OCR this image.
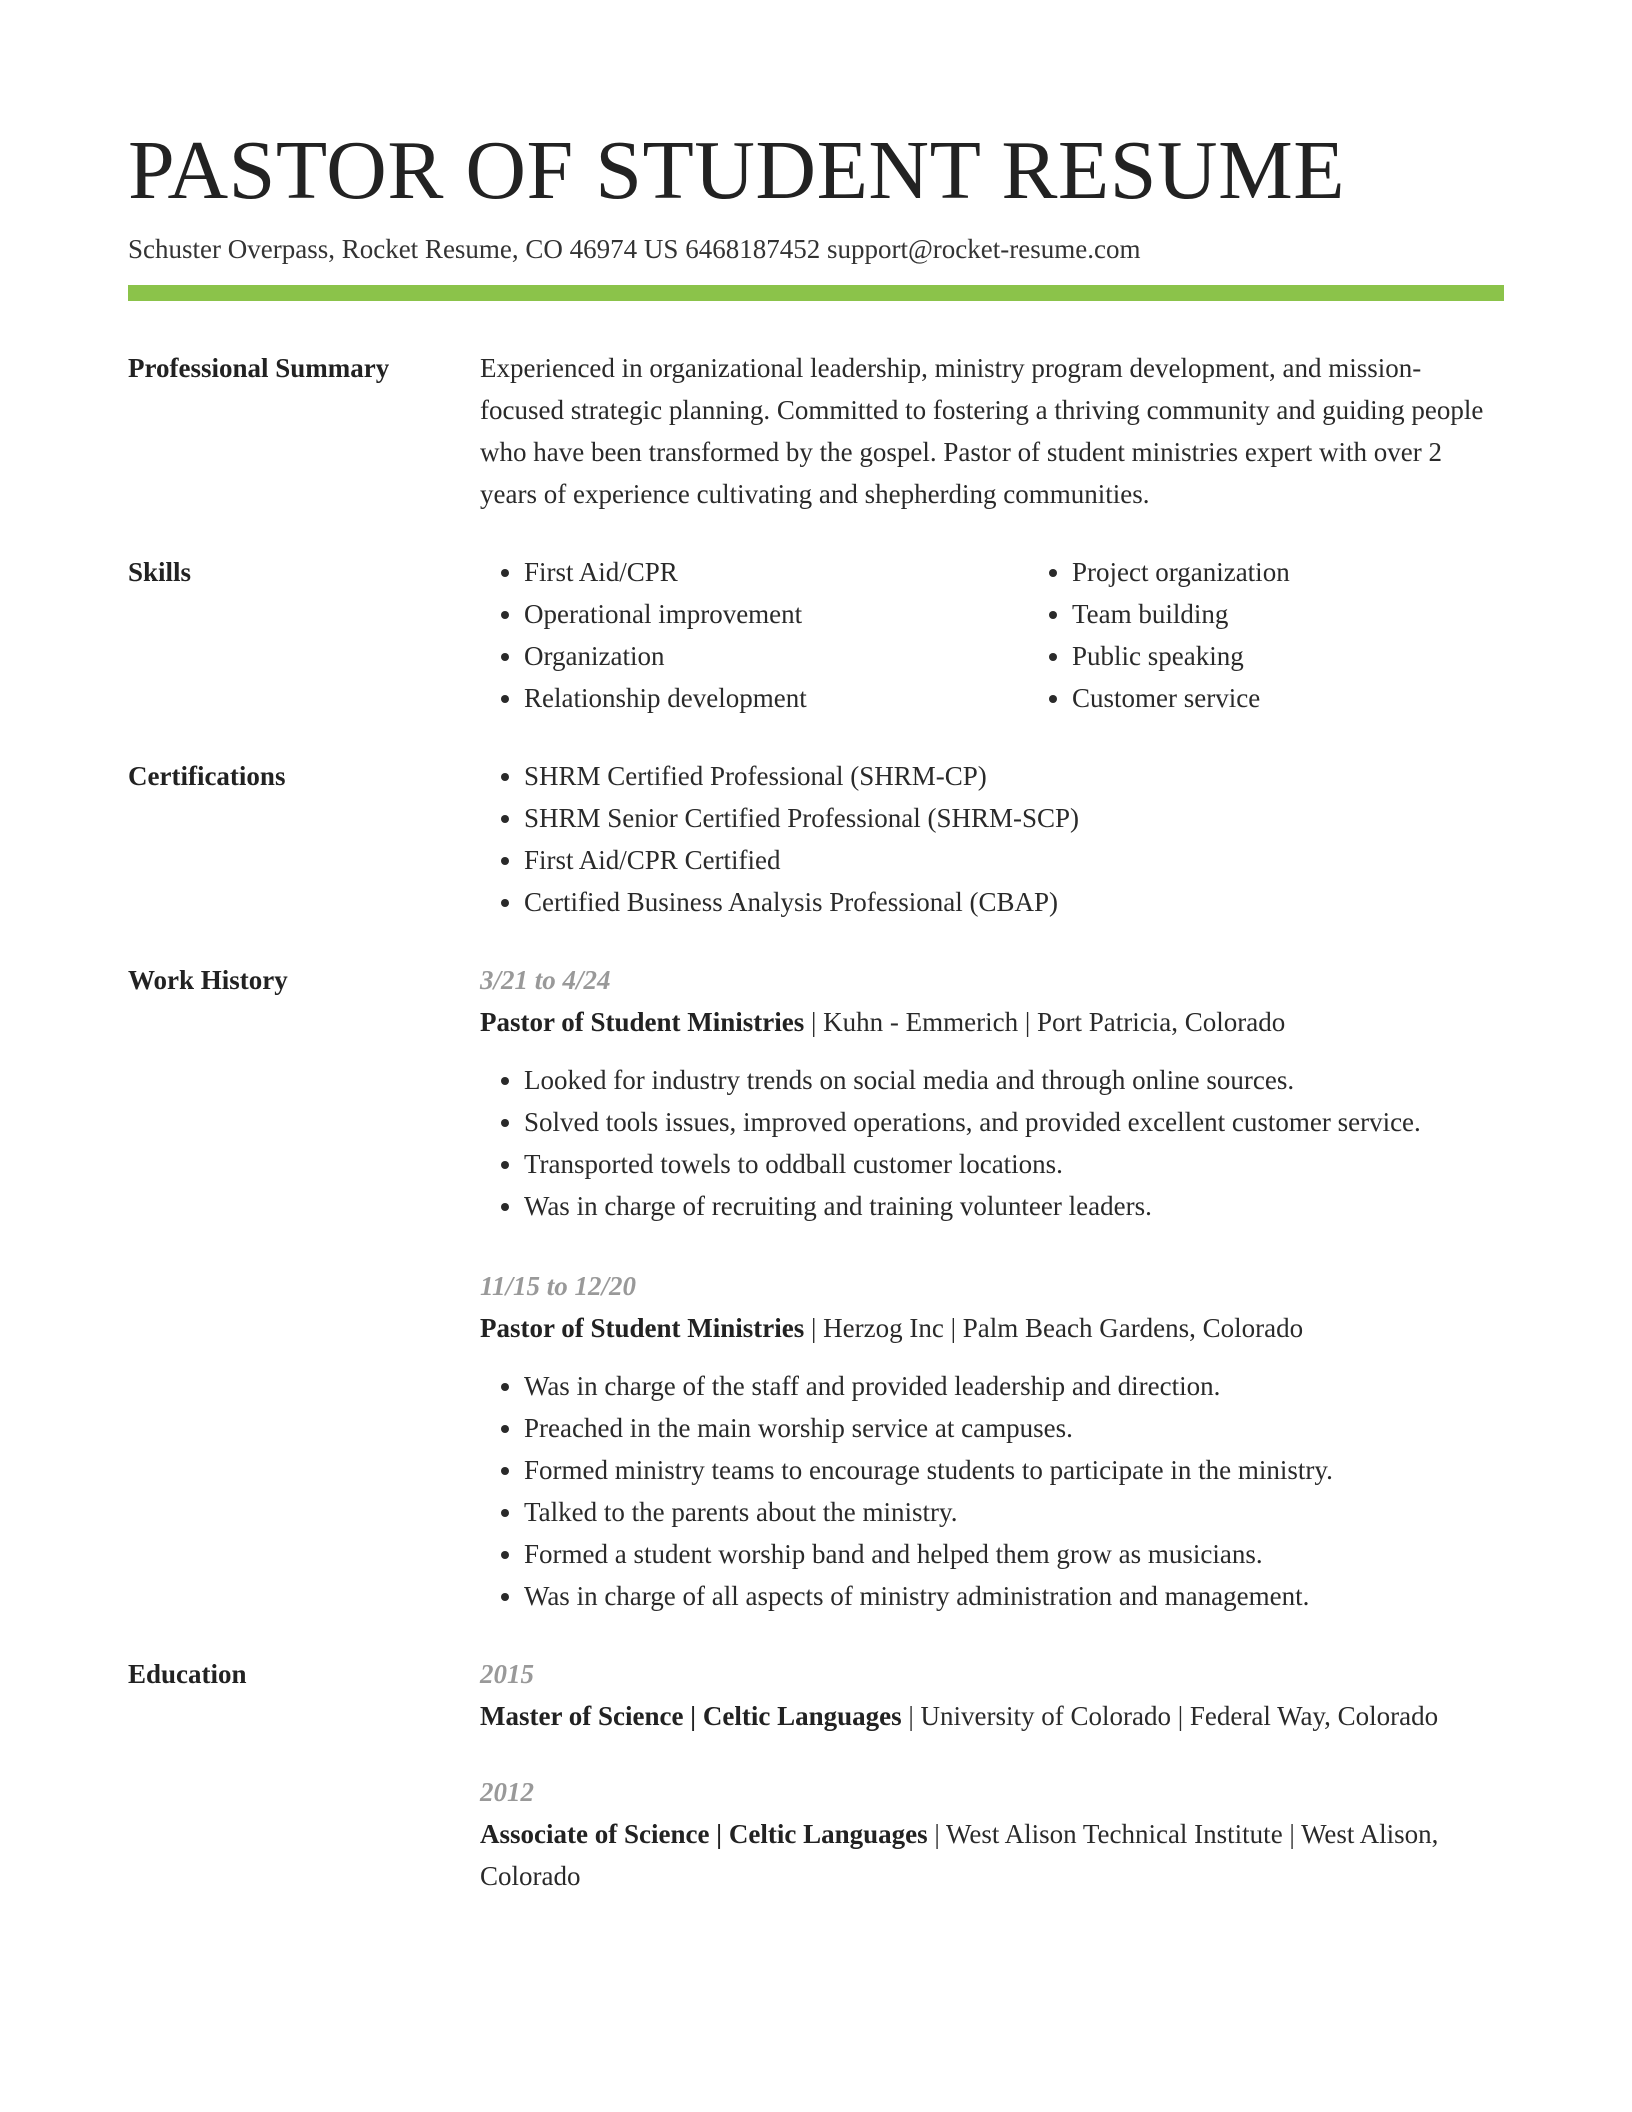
PASTOR OF STUDENT RESUME
Schuster Overpass, Rocket Resume, CO 46974 US 6468187452 support@rocket-resume.com
Professional Summary	Experienced in organizational leadership, ministry program development, and mission-focused strategic planning. Committed to fostering a thriving community and guiding people who have been transformed by the gospel. Pastor of student ministries expert with over 2 years of experience cultivating and shepherding communities.

Skills	• First Aid/CPR
• Operational improvement
• Organization
• Relationship development
• Project organization
• Team building
• Public speaking
• Customer service
Certifications	• SHRM Certified Professional (SHRM-CP)
• SHRM Senior Certified Professional (SHRM-SCP)
• First Aid/CPR Certified
• Certified Business Analysis Professional (CBAP)
Work History	3/21 to 4/24
Pastor of Student Ministries | Kuhn - Emmerich | Port Patricia, Colorado
• Looked for industry trends on social media and through online sources.
• Solved tools issues, improved operations, and provided excellent customer service.
• Transported towels to oddball customer locations.
• Was in charge of recruiting and training volunteer leaders.
11/15 to 12/20
Pastor of Student Ministries | Herzog Inc | Palm Beach Gardens, Colorado
• Was in charge of the staff and provided leadership and direction.
• Preached in the main worship service at campuses.
• Formed ministry teams to encourage students to participate in the ministry.
• Talked to the parents about the ministry.
• Formed a student worship band and helped them grow as musicians.
• Was in charge of all aspects of ministry administration and management.
Education	2015
Master of Science | Celtic Languages | University of Colorado | Federal Way, Colorado
2012
Associate of Science | Celtic Languages | West Alison Technical Institute | West Alison, Colorado
